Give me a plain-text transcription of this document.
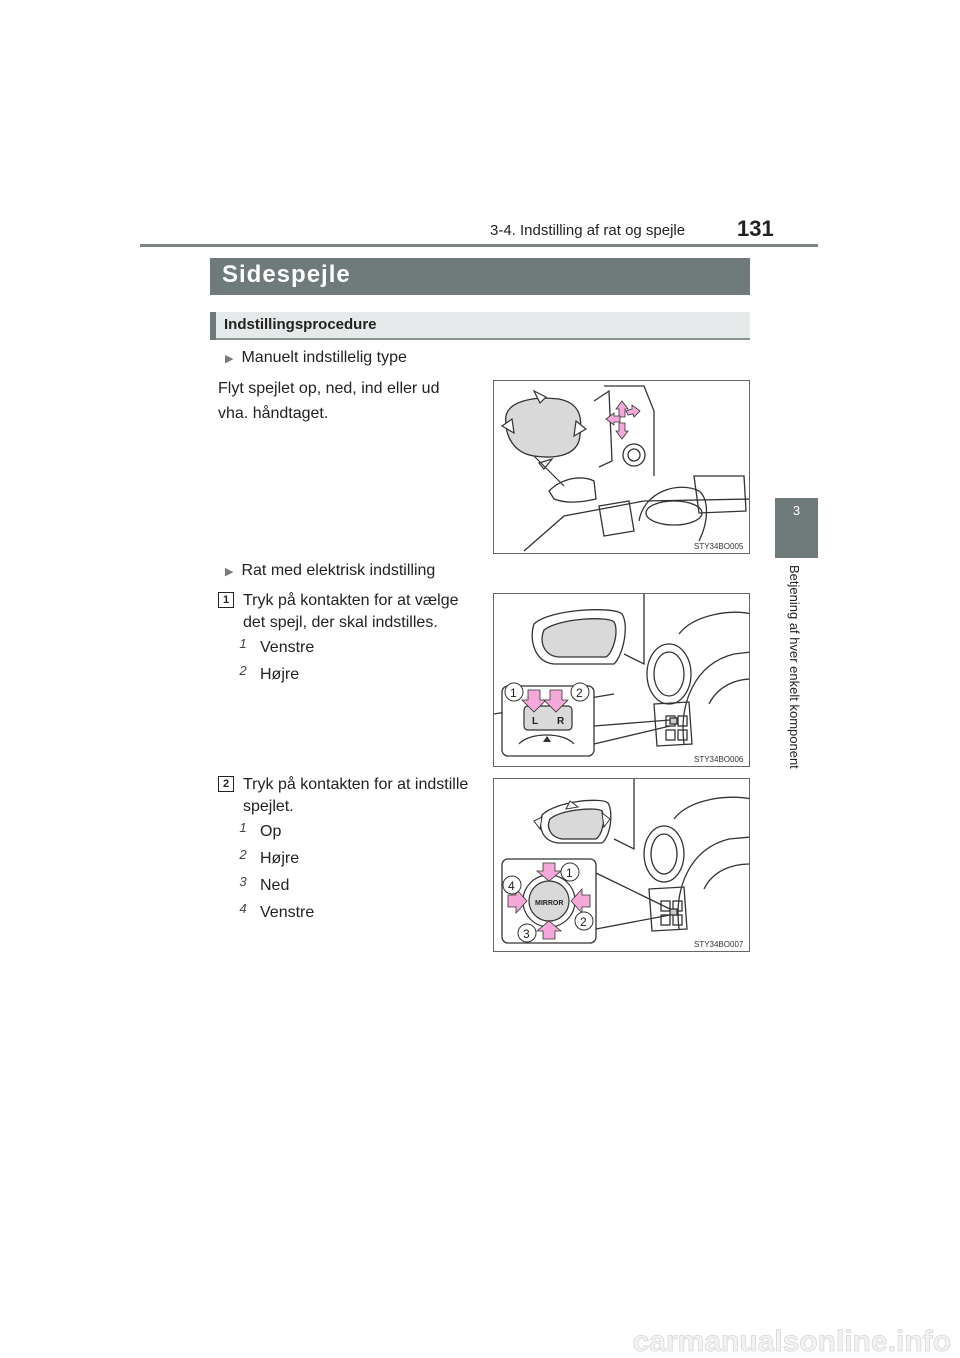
3-4. Indstilling af rat og spejle 131
3
Betjening af hver enkelt komponent
Sidespejle
Indstillingsprocedure
▶ Manuelt indstillelig type
Flyt spejlet op, ned, ind eller ud
vha. håndtaget.
STY34BO005
▶ Rat med elektrisk indstilling
1 Tryk på kontakten for at vælge
det spejl, der skal indstilles.
1 Venstre
2 Højre
L R
1	2
STY34BO006
2 Tryk på kontakten for at indstille
spejlet.
1 Op
2 Højre
3 Ned
4 Venstre
MIRROR
1
2
3
4
STY34BO007
carmanualsonline.info
